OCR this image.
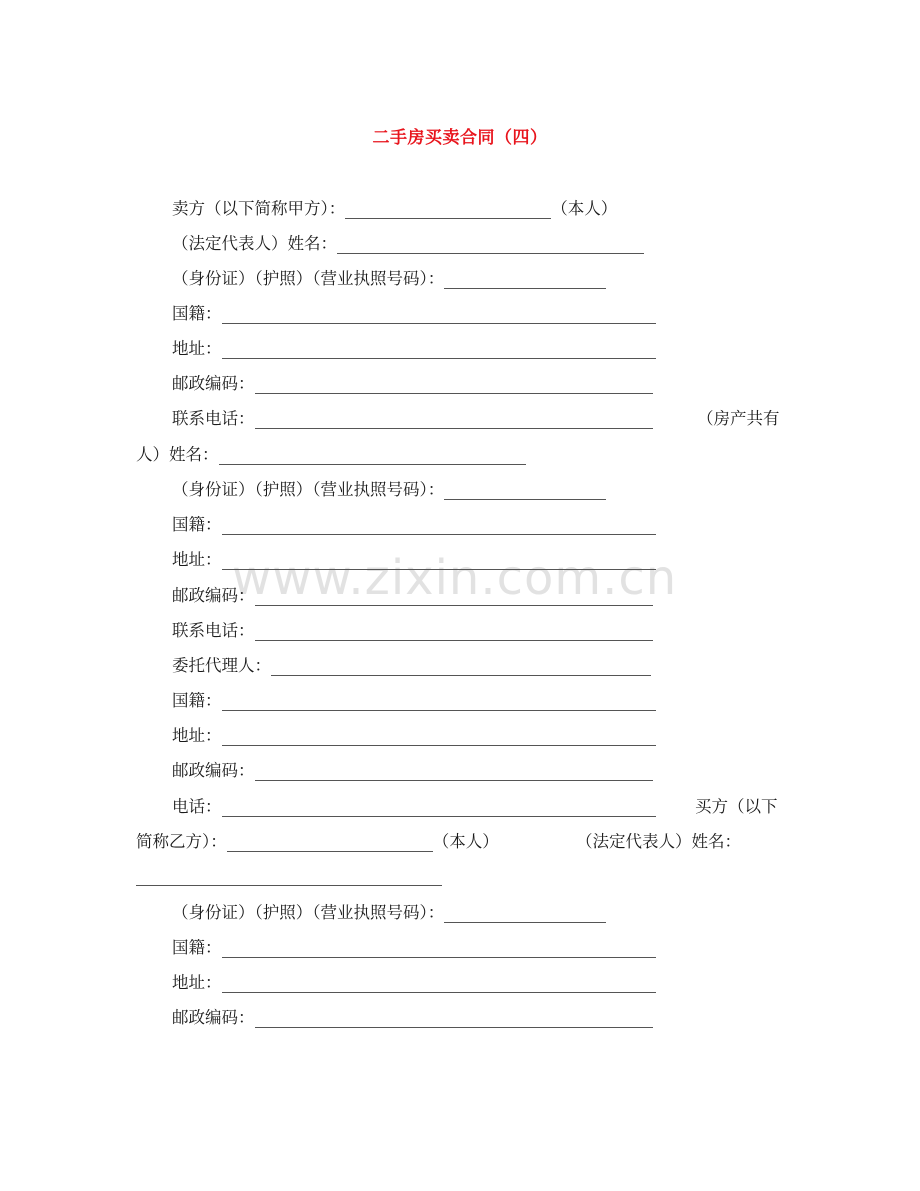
二手房买卖合同（四）
www.zixin.com.cn
卖方（以下简称甲方）：	（本人）
（法定代表人）姓名：
（身份证）（护照）（营业执照号码）：
国籍：
地址：
邮政编码：
联系电话：	（房产共有
人）姓名：
（身份证）（护照）（营业执照号码）：
国籍：
地址：
邮政编码：
联系电话：
委托代理人：
国籍：
地址：
邮政编码：
电话：	买方（以下
简称乙方）：	（本人）	（法定代表人）姓名：
（身份证）（护照）（营业执照号码）：
国籍：
地址：
邮政编码：
